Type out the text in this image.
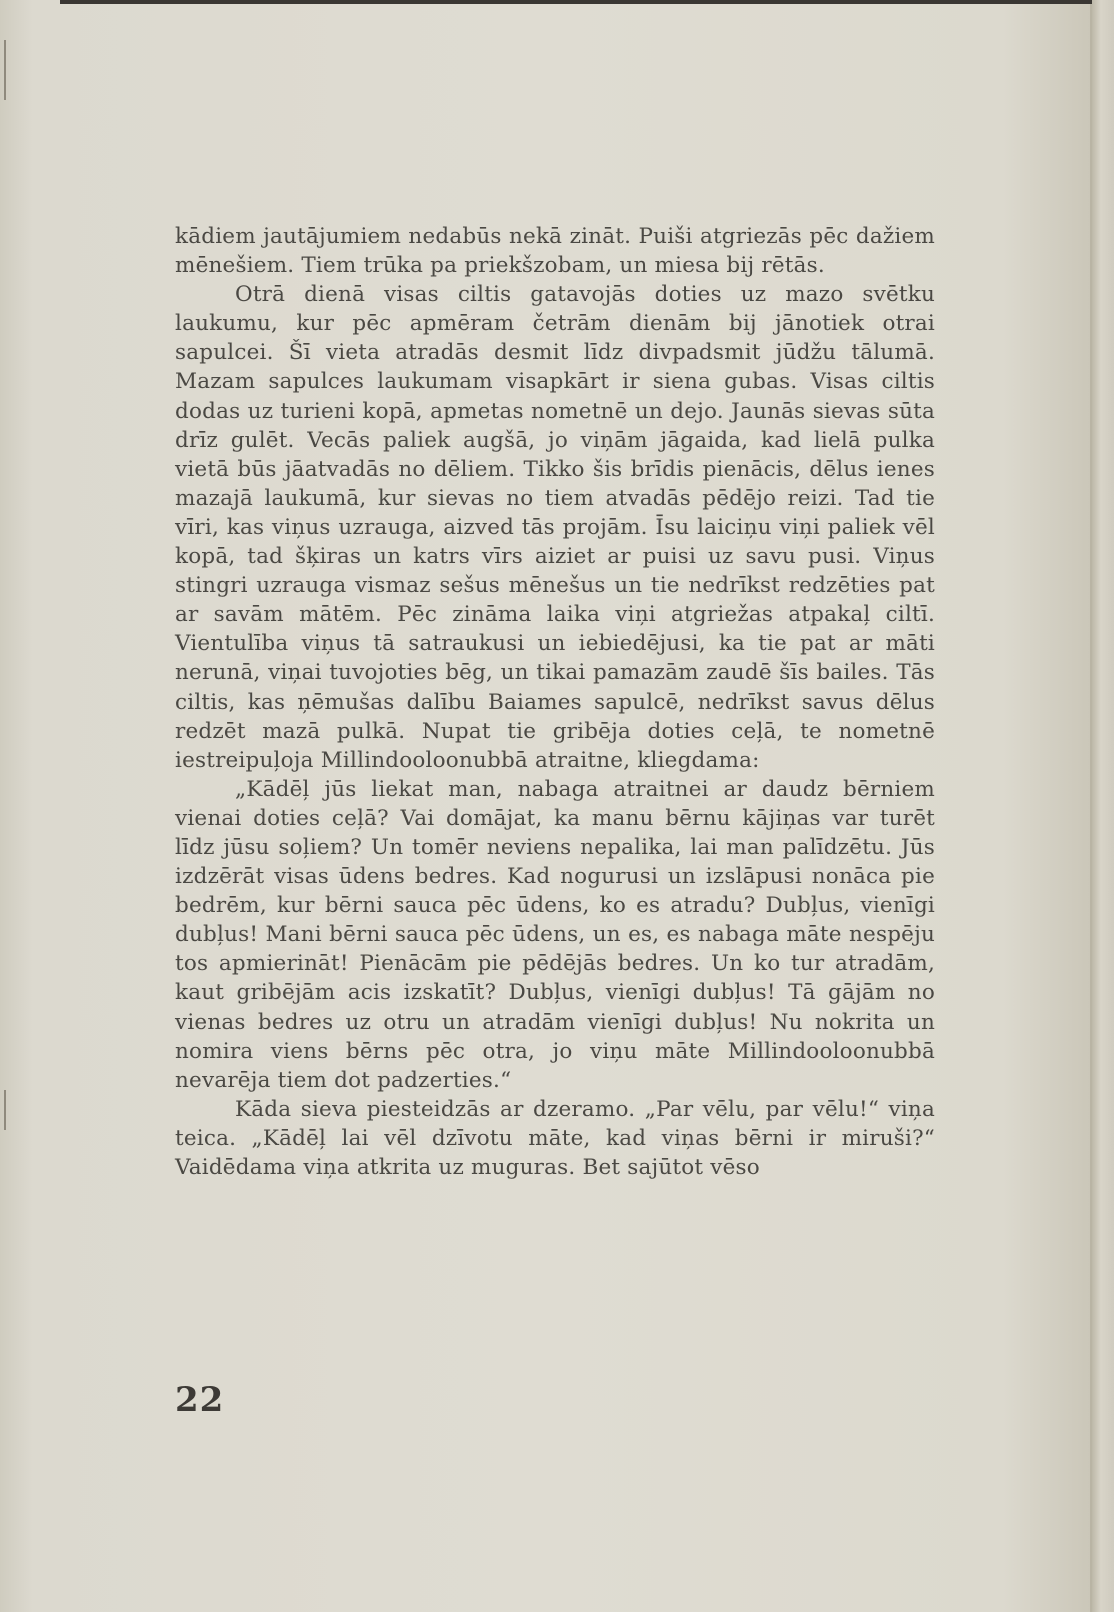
kādiem jautājumiem nedabūs nekā zināt. Puiši atgriezās pēc dažiem mēnešiem. Tiem trūka pa priekšzobam, un miesa bij rētās.

Otrā dienā visas ciltis gatavojās doties uz mazo svētku laukumu, kur pēc apmēram četrām dienām bij jānotiek otrai sapulcei. Šī vieta atradās desmit līdz divpadsmit jūdžu tālumā. Mazam sapulces laukumam visapkārt ir siena gubas. Visas ciltis dodas uz turieni kopā, apmetas nometnē un dejo. Jaunās sievas sūta drīz gulēt. Vecās paliek augšā, jo viņām jāgaida, kad lielā pulka vietā būs jāatvadās no dēliem. Tikko šis brīdis pienācis, dēlus ienes mazajā laukumā, kur sievas no tiem atvadās pēdējo reizi. Tad tie vīri, kas viņus uzrauga, aizved tās projām. Īsu laiciņu viņi paliek vēl kopā, tad šķiras un katrs vīrs aiziet ar puisi uz savu pusi. Viņus stingri uzrauga vismaz sešus mēnešus un tie nedrīkst redzēties pat ar savām mātēm. Pēc zināma laika viņi atgriežas atpakaļ ciltī. Vientulība viņus tā satraukusi un iebiedējusi, ka tie pat ar māti nerunā, viņai tuvojoties bēg, un tikai pamazām zaudē šīs bailes. Tās ciltis, kas ņēmušas dalību Baiames sapulcē, nedrīkst savus dēlus redzēt mazā pulkā. Nupat tie gribēja doties ceļā, te nometnē iestreipuļoja Millindooloonubbā atraitne, kliegdama:

„Kādēļ jūs liekat man, nabaga atraitnei ar daudz bērniem vienai doties ceļā? Vai domājat, ka manu bērnu kājiņas var turēt līdz jūsu soļiem? Un tomēr neviens nepalika, lai man palīdzētu. Jūs izdzērāt visas ūdens bedres. Kad nogurusi un izslāpusi nonāca pie bedrēm, kur bērni sauca pēc ūdens, ko es atradu? Dubļus, vienīgi dubļus! Mani bērni sauca pēc ūdens, un es, es nabaga māte nespēju tos apmierināt! Pienācām pie pēdējās bedres. Un ko tur atradām, kaut gribējām acis izskatīt? Dubļus, vienīgi dubļus! Tā gājām no vienas bedres uz otru un atradām vienīgi dubļus! Nu nokrita un nomira viens bērns pēc otra, jo viņu māte Millindooloonubbā nevarēja tiem dot padzerties.“

Kāda sieva piesteidzās ar dzeramo. „Par vēlu, par vēlu!“ viņa teica. „Kādēļ lai vēl dzīvotu māte, kad viņas bērni ir miruši?“ Vaidēdama viņa atkrita uz muguras. Bet sajūtot vēso

22
